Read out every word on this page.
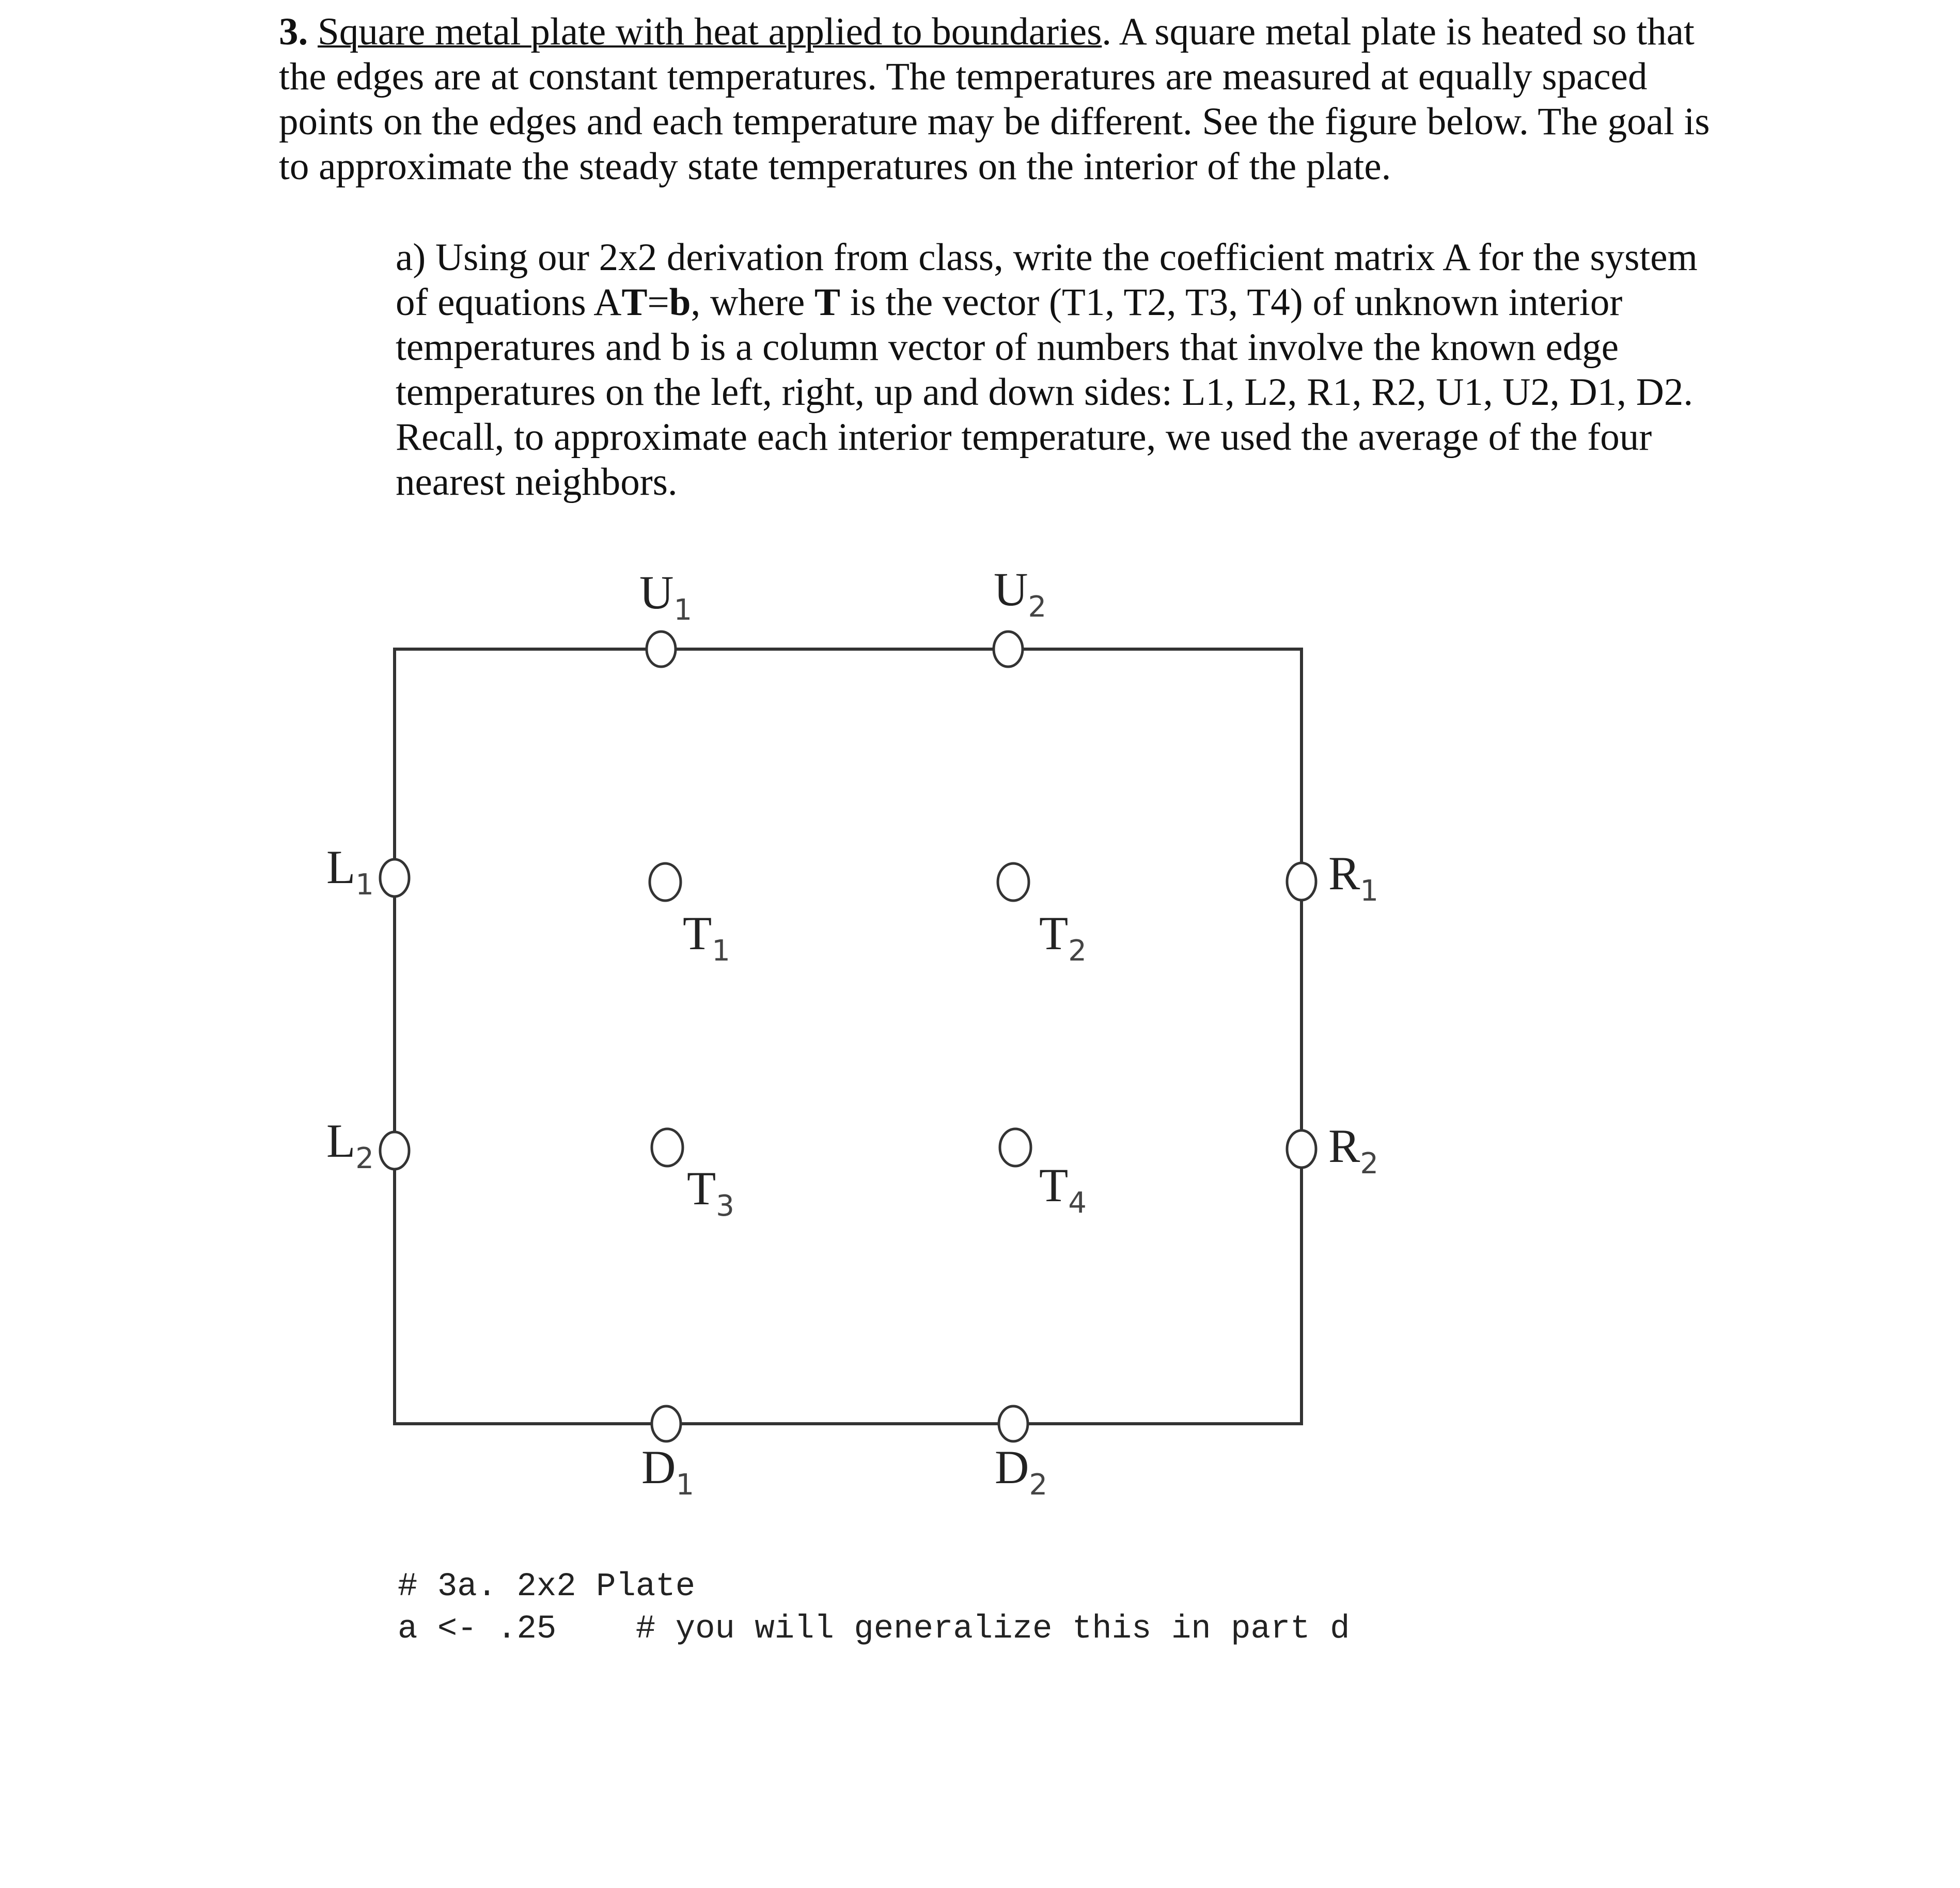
3. Square metal plate with heat applied to boundaries. A square metal plate is heated so that the edges are at constant temperatures. The temperatures are measured at equally spaced points on the edges and each temperature may be different. See the figure below. The goal is to approximate the steady state temperatures on the interior of the plate.

a) Using our 2x2 derivation from class, write the coefficient matrix A for the system of equations AT=b, where T is the vector (T1, T2, T3, T4) of unknown interior temperatures and b is a column vector of numbers that involve the known edge temperatures on the left, right, up and down sides: L1, L2, R1, R2, U1, U2, D1, D2. Recall, to approximate each interior temperature, we used the average of the four nearest neighbors.

$U_1$	$U_2$
$L_1$
$L_2$
$R_1$
$R_2$
$T_1$	$T_2$
$T_3$	$T_4$
$D_1$	$D_2$
# 3a. 2x2 Plate
a <- .25 # you will generalize this in part d
